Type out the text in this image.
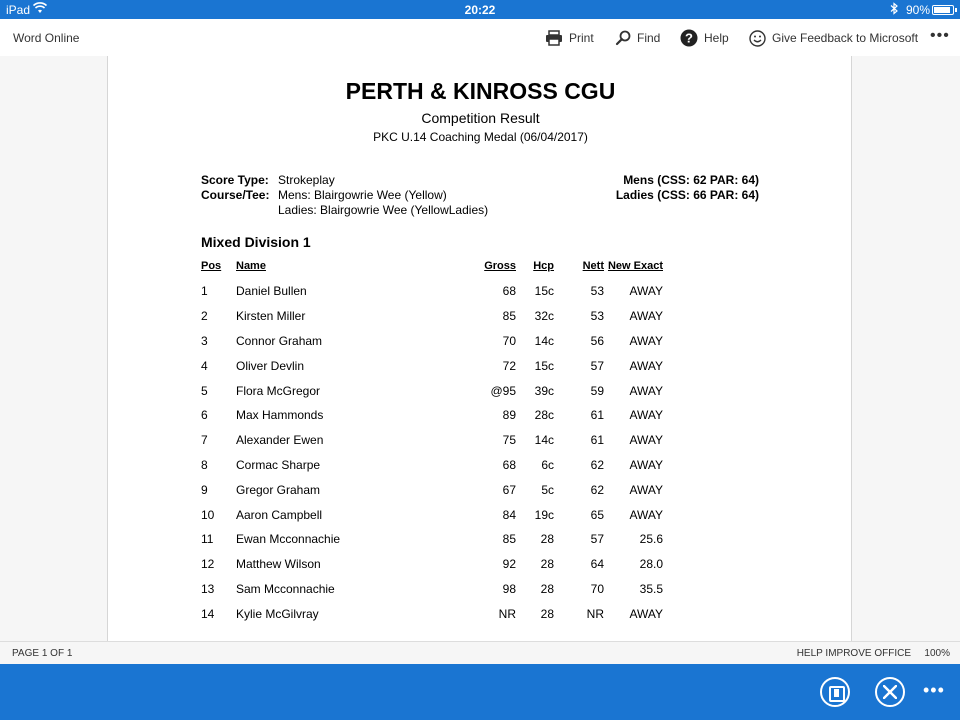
iPad	20:22	90%
Word Online	Print	Find ? Help	Give Feedback to Microsoft •••
PERTH & KINROSS CGU
Competition Result
PKC U.14 Coaching Medal (06/04/2017)
Score Type: Strokeplay
Course/Tee: Mens: Blairgowrie Wee (Yellow)
Ladies: Blairgowrie Wee (YellowLadies)
Mens (CSS: 62 PAR: 64)
Ladies (CSS: 66 PAR: 64)
Mixed Division 1
Pos	Name	Gross	Hcp	Nett	New Exact
1	Daniel Bullen	68	15c	53	AWAY
2	Kirsten Miller	85	32c	53	AWAY
3	Connor Graham	70	14c	56	AWAY
4	Oliver Devlin	72	15c	57	AWAY
5	Flora McGregor	@95	39c	59	AWAY
6	Max Hammonds	89	28c	61	AWAY
7	Alexander Ewen	75	14c	61	AWAY
8	Cormac Sharpe	68	6c	62	AWAY
9	Gregor Graham	67	5c	62	AWAY
10	Aaron Campbell	84	19c	65	AWAY
11	Ewan Mcconnachie	85	28	57	25.6
12	Matthew Wilson	92	28	64	28.0
13	Sam Mcconnachie	98	28	70	35.5
14	Kylie McGilvray	NR	28	NR	AWAY
PAGE 1 OF 1	HELP IMPROVE OFFICE 100%
•••
